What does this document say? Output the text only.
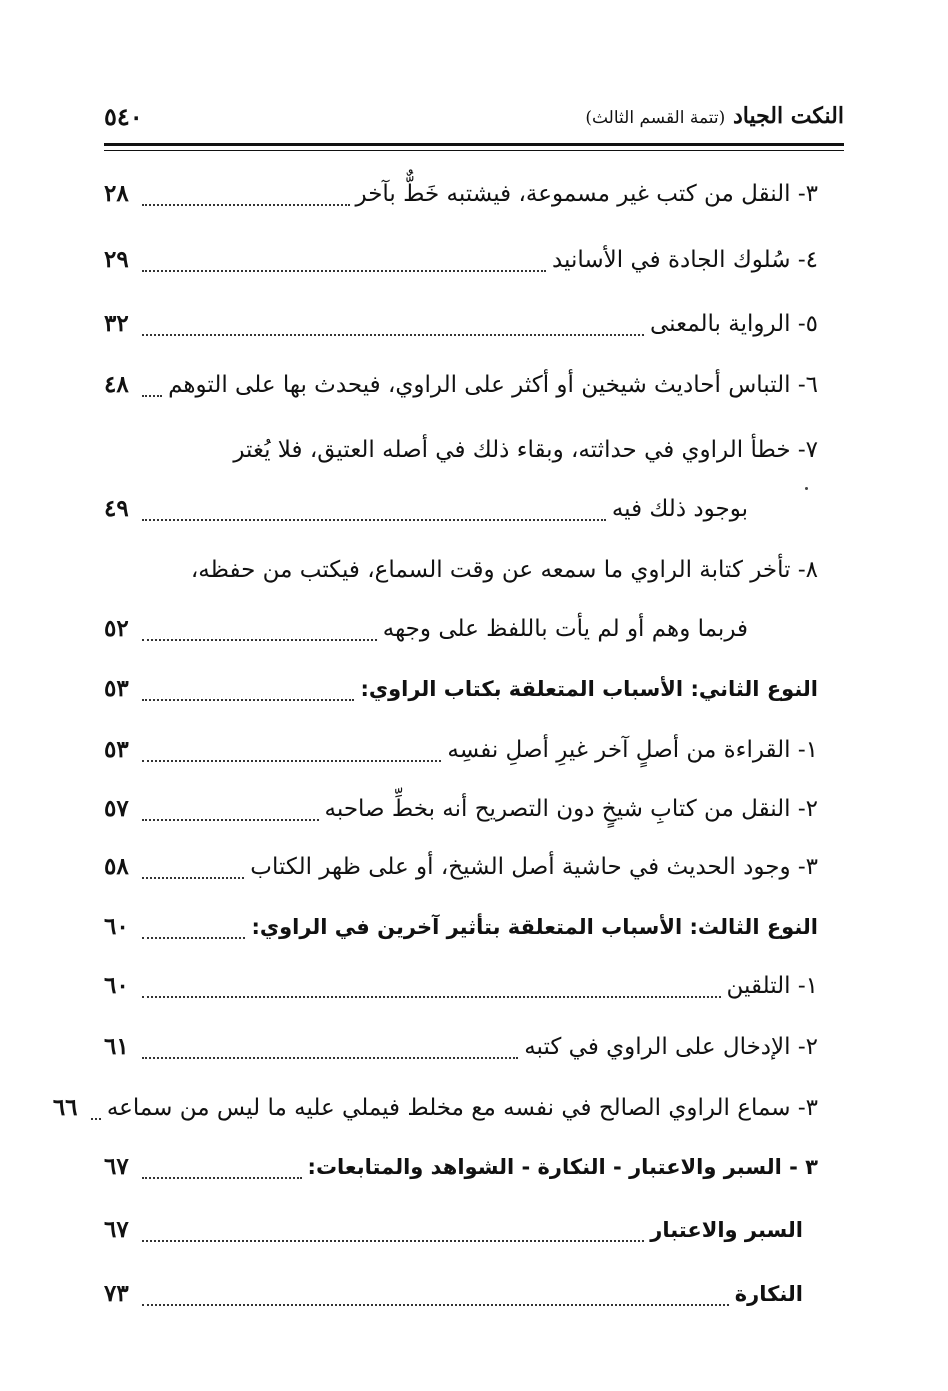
النكت الجياد (تتمة القسم الثالث)
٥٤٠
٣- النقل من كتب غير مسموعة، فيشتبه خَطٌّ بآخر
٢٨
٤- سُلوك الجادة في الأسانيد
٢٩
٥- الرواية بالمعنى
٣٢
٦- التباس أحاديث شيخين أو أكثر على الراوي، فيحدث بها على التوهم
٤٨
٧- خطأ الراوي في حداثته، وبقاء ذلك في أصله العتيق، فلا يُغتر
بوجود ذلك فيه
٤٩
٨- تأخر كتابة الراوي ما سمعه عن وقت السماع، فيكتب من حفظه،
فربما وهم أو لم يأت باللفظ على وجهه
٥٢
النوع الثاني: الأسباب المتعلقة بكتاب الراوي:
٥٣
١- القراءة من أصلٍ آخر غيرِ أصلِ نفسِه
٥٣
٢- النقل من كتابِ شيخٍ دون التصريح أنه بخطِّ صاحبه
٥٧
٣- وجود الحديث في حاشية أصل الشيخ، أو على ظهر الكتاب
٥٨
النوع الثالث: الأسباب المتعلقة بتأثير آخرين في الراوي:
٦٠
١- التلقين
٦٠
٢- الإدخال على الراوي في كتبه
٦١
٣- سماع الراوي الصالح في نفسه مع مخلط فيملي عليه ما ليس من سماعه
٦٦
٣ - السبر والاعتبار - النكارة - الشواهد والمتابعات:
٦٧
السبر والاعتبار
٦٧
النكارة
٧٣
